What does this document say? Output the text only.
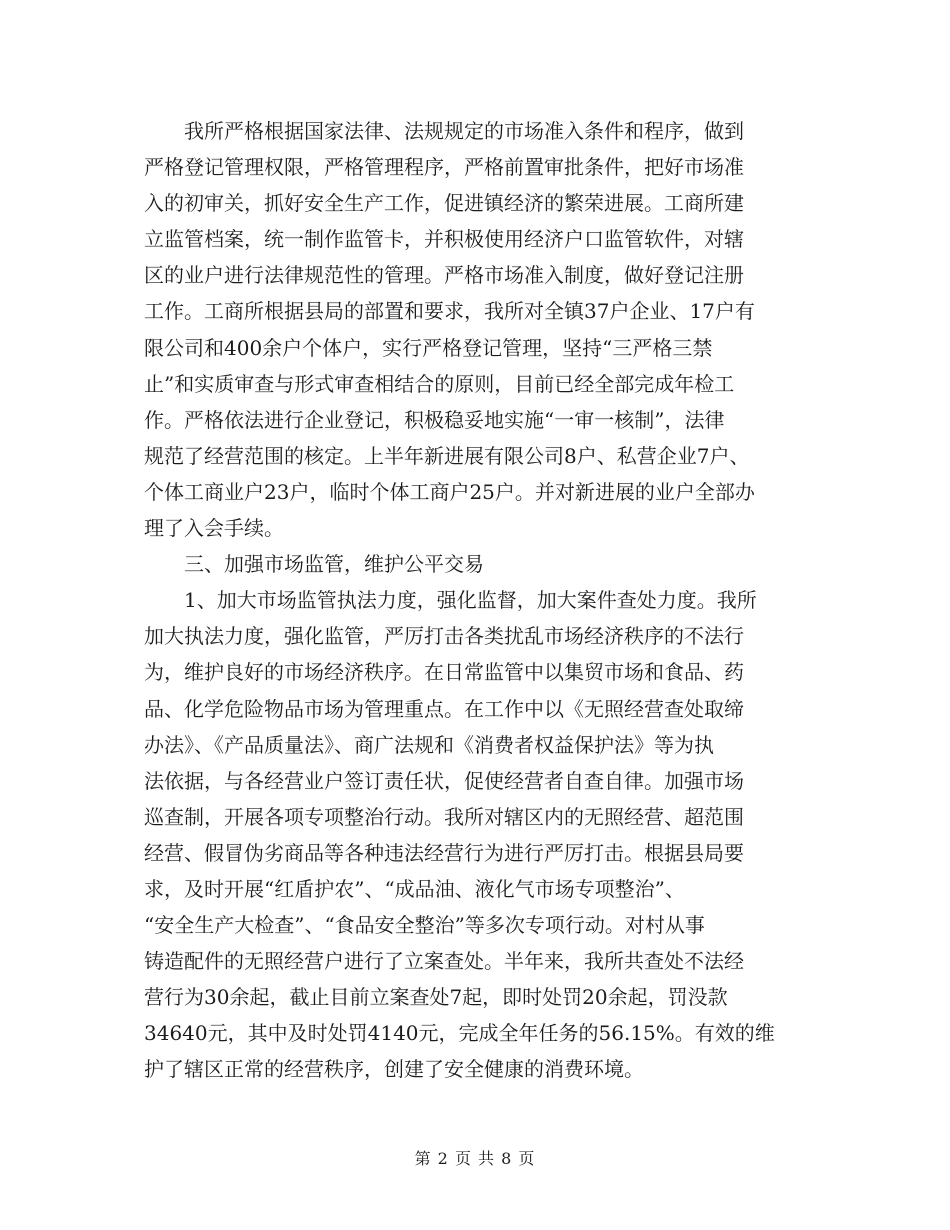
　　我所严格根据国家法律、法规规定的市场准入条件和程序，做到
严格登记管理权限，严格管理程序，严格前置审批条件，把好市场准
入的初审关，抓好安全生产工作，促进镇经济的繁荣进展。工商所建
立监管档案，统一制作监管卡，并积极使用经济户口监管软件，对辖
区的业户进行法律规范性的管理。严格市场准入制度，做好登记注册
工作。工商所根据县局的部置和要求，我所对全镇37户企业、17户有
限公司和400余户个体户，实行严格登记管理，坚持“三严格三禁
止”和实质审查与形式审查相结合的原则，目前已经全部完成年检工
作。严格依法进行企业登记，积极稳妥地实施“一审一核制”，法律
规范了经营范围的核定。上半年新进展有限公司8户、私营企业7户、
个体工商业户23户，临时个体工商户25户。并对新进展的业户全部办
理了入会手续。
　　三、加强市场监管，维护公平交易
　　1、加大市场监管执法力度，强化监督，加大案件查处力度。我所
加大执法力度，强化监管，严厉打击各类扰乱市场经济秩序的不法行
为，维护良好的市场经济秩序。在日常监管中以集贸市场和食品、药
品、化学危险物品市场为管理重点。在工作中以《无照经营查处取缔
办法》、《产品质量法》、商广法规和《消费者权益保护法》等为执
法依据，与各经营业户签订责任状，促使经营者自查自律。加强市场
巡查制，开展各项专项整治行动。我所对辖区内的无照经营、超范围
经营、假冒伪劣商品等各种违法经营行为进行严厉打击。根据县局要
求，及时开展“红盾护农”、“成品油、液化气市场专项整治”、
“安全生产大检查”、“食品安全整治”等多次专项行动。对村从事
铸造配件的无照经营户进行了立案查处。半年来，我所共查处不法经
营行为30余起，截止目前立案查处7起，即时处罚20余起，罚没款
34640元，其中及时处罚4140元，完成全年任务的56.15%。有效的维
护了辖区正常的经营秩序，创建了安全健康的消费环境。
第 2 页 共 8 页
